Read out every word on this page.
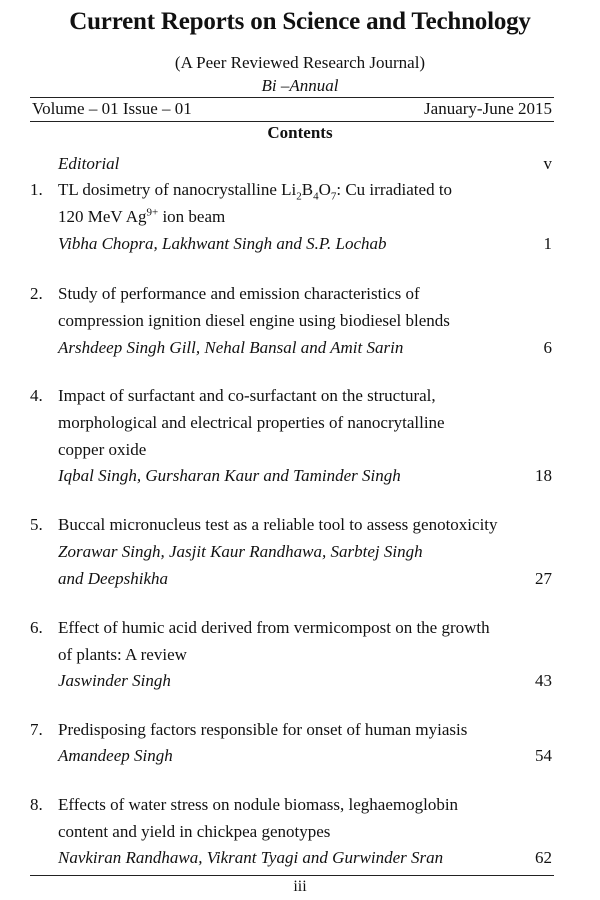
Current Reports on Science and Technology
(A Peer Reviewed Research Journal)
Bi –Annual
Volume – 01 Issue – 01	January-June 2015
Contents
Editorial	v
1. TL dosimetry of nanocrystalline $Li_2B_4O_7$: Cu irradiated to
120 MeV $Ag^{9+}$ ion beam
Vibha Chopra, Lakhwant Singh and S.P. Lochab	1
2. Study of performance and emission characteristics of
compression ignition diesel engine using biodiesel blends
Arshdeep Singh Gill, Nehal Bansal and Amit Sarin	6
4. Impact of surfactant and co-surfactant on the structural,
morphological and electrical properties of nanocrytalline
copper oxide
Iqbal Singh, Gursharan Kaur and Taminder Singh	18
5. Buccal micronucleus test as a reliable tool to assess genotoxicity
Zorawar Singh, Jasjit Kaur Randhawa, Sarbtej Singh
and Deepshikha	27
6. Effect of humic acid derived from vermicompost on the growth
of plants: A review
Jaswinder Singh	43
7. Predisposing factors responsible for onset of human myiasis
Amandeep Singh	54
8. Effects of water stress on nodule biomass, leghaemoglobin
content and yield in chickpea genotypes
Navkiran Randhawa, Vikrant Tyagi and Gurwinder Sran	62
iii
